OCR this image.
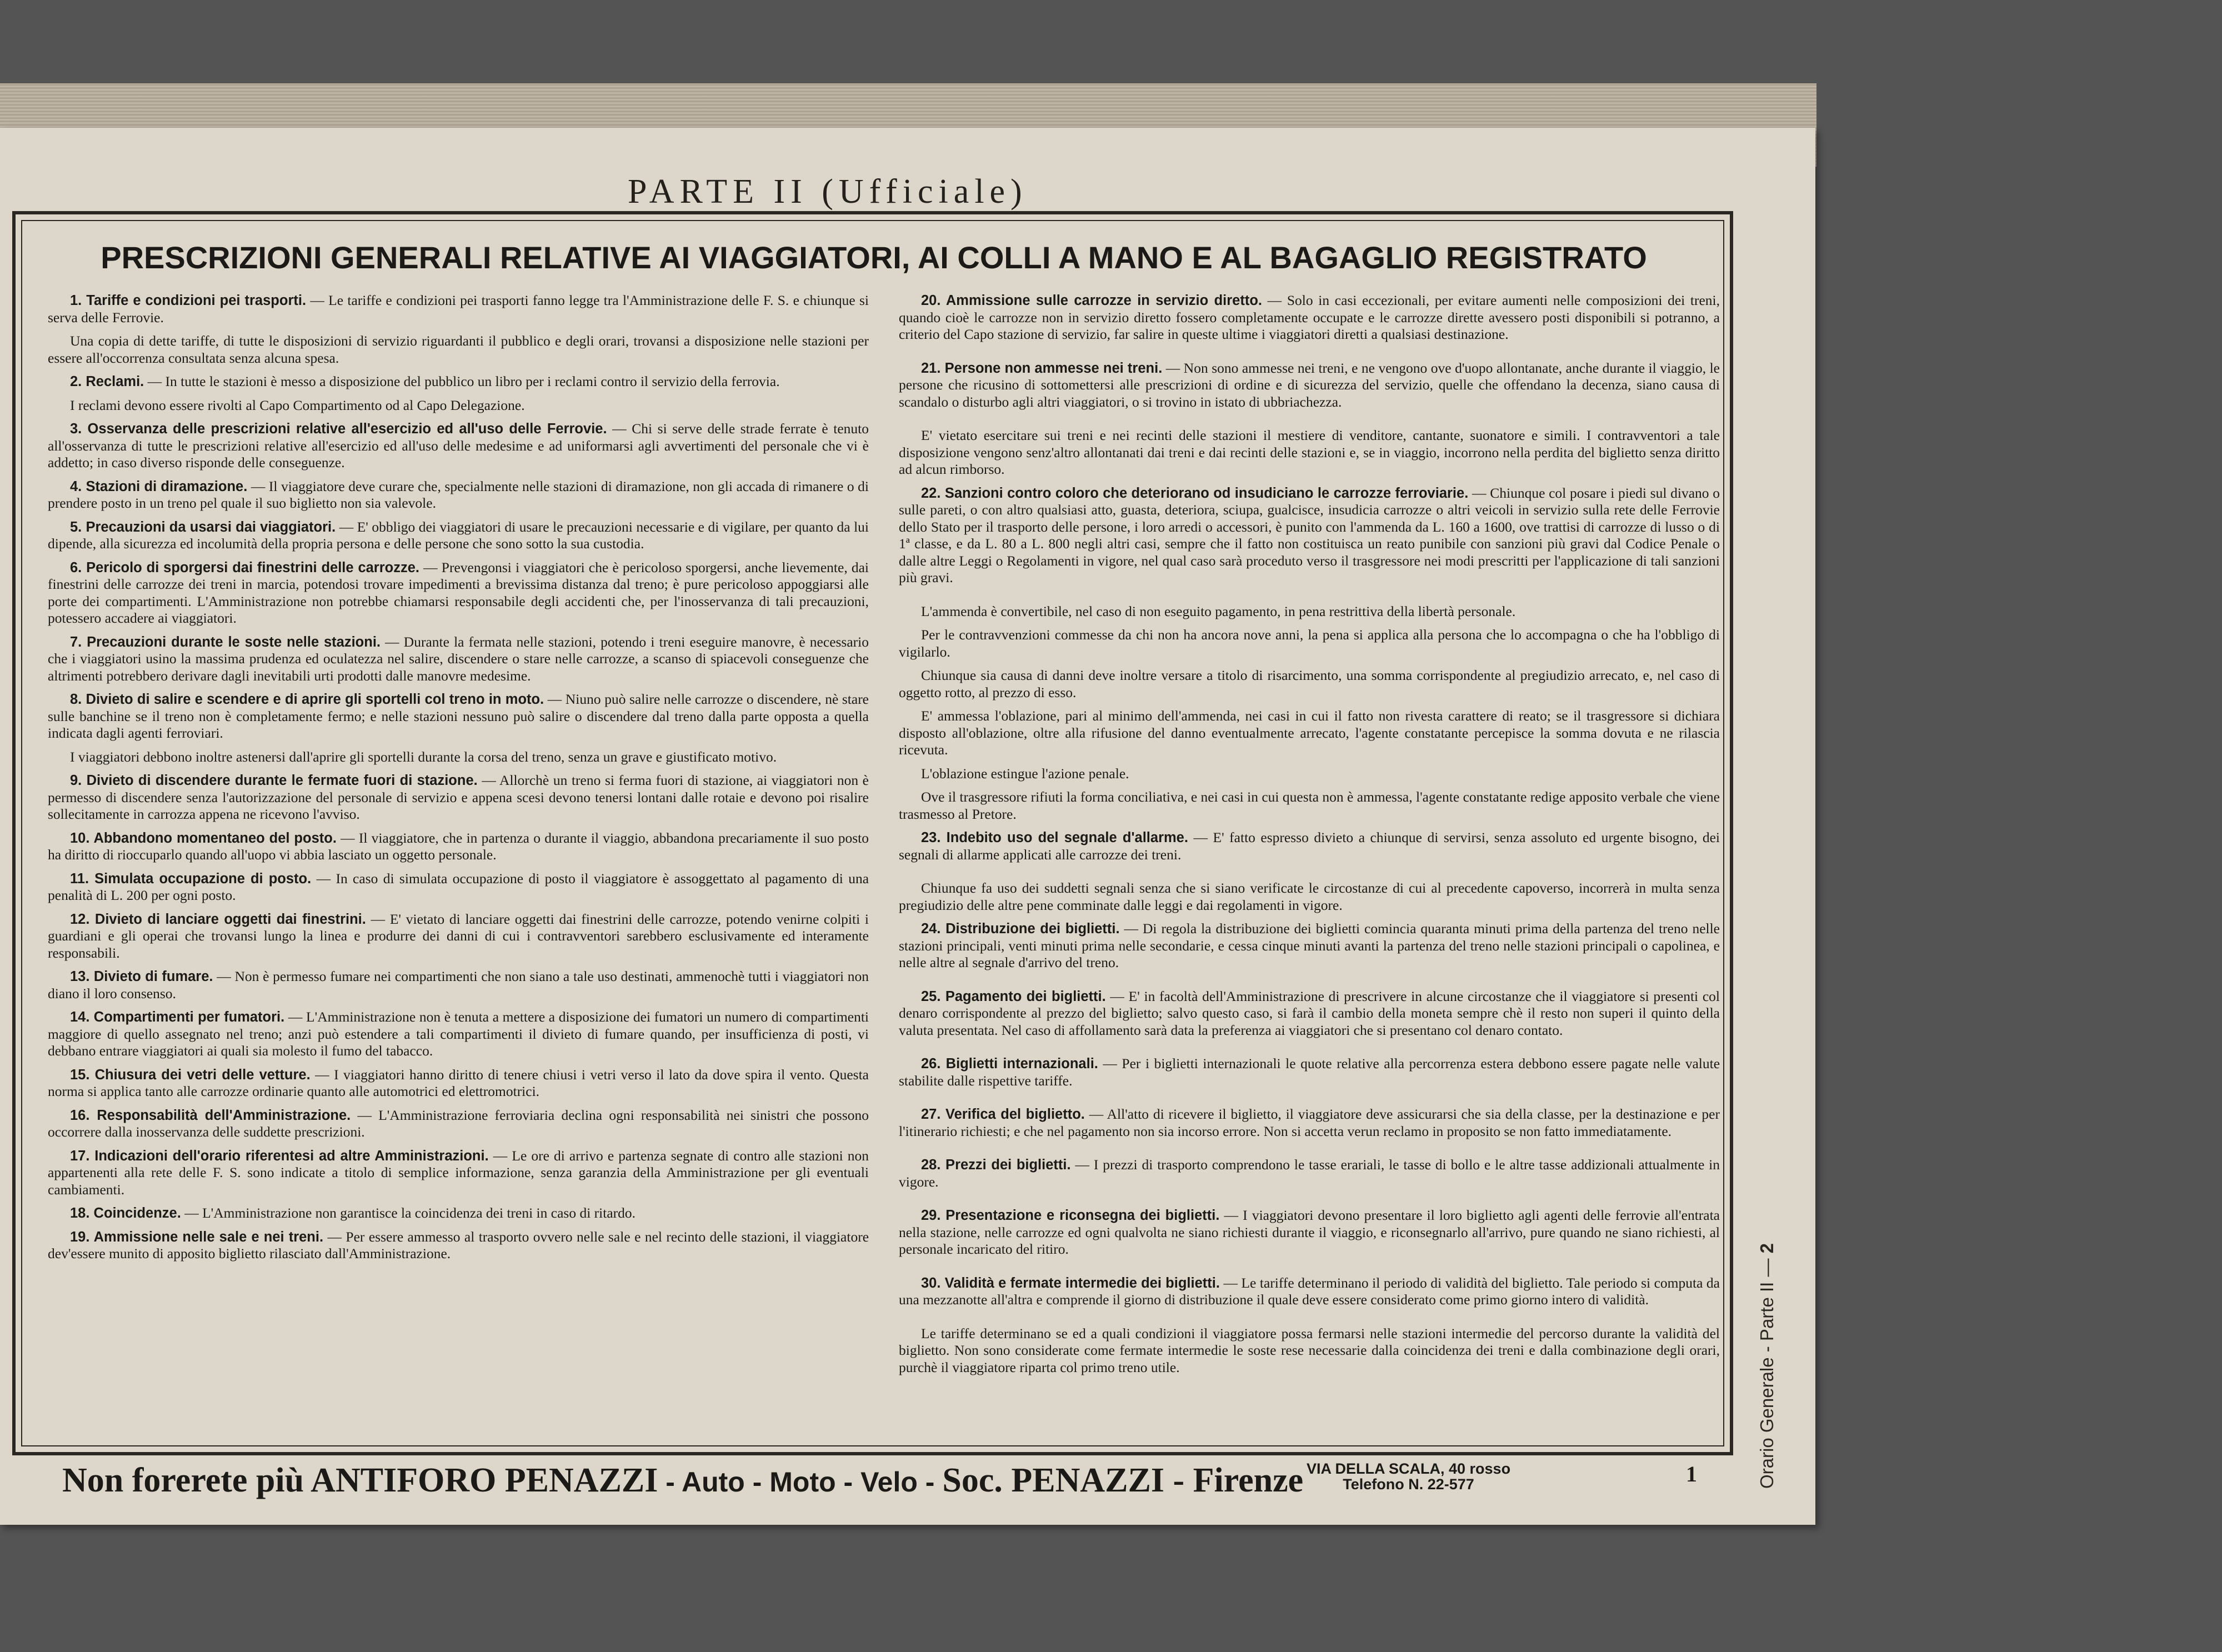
PARTE II (Ufficiale)
PRESCRIZIONI GENERALI RELATIVE AI VIAGGIATORI, AI COLLI A MANO E AL BAGAGLIO REGISTRATO

1. Tariffe e condizioni pei trasporti. — Le tariffe e condizioni pei trasporti fanno legge tra l'Amministrazione delle F. S. e chiunque si serva delle Ferrovie.

Una copia di dette tariffe, di tutte le disposizioni di servizio riguardanti il pubblico e degli orari, trovansi a disposizione nelle stazioni per essere all'occorrenza consultata senza alcuna spesa.

2. Reclami. — In tutte le stazioni è messo a disposizione del pubblico un libro per i reclami contro il servizio della ferrovia.

I reclami devono essere rivolti al Capo Compartimento od al Capo Delegazione.

3. Osservanza delle prescrizioni relative all'esercizio ed all'uso delle Ferrovie. — Chi si serve delle strade ferrate è tenuto all'osservanza di tutte le prescrizioni relative all'esercizio ed all'uso delle medesime e ad uniformarsi agli avvertimenti del personale che vi è addetto; in caso diverso risponde delle conseguenze.

4. Stazioni di diramazione. — Il viaggiatore deve curare che, specialmente nelle stazioni di diramazione, non gli accada di rimanere o di prendere posto in un treno pel quale il suo biglietto non sia valevole.

5. Precauzioni da usarsi dai viaggiatori. — E' obbligo dei viaggiatori di usare le precauzioni necessarie e di vigilare, per quanto da lui dipende, alla sicurezza ed incolumità della propria persona e delle persone che sono sotto la sua custodia.

6. Pericolo di sporgersi dai finestrini delle carrozze. — Prevengonsi i viaggiatori che è pericoloso sporgersi, anche lievemente, dai finestrini delle carrozze dei treni in marcia, potendosi trovare impedimenti a brevissima distanza dal treno; è pure pericoloso appoggiarsi alle porte dei compartimenti. L'Amministrazione non potrebbe chiamarsi responsabile degli accidenti che, per l'inosservanza di tali precauzioni, potessero accadere ai viaggiatori.

7. Precauzioni durante le soste nelle stazioni. — Durante la fermata nelle stazioni, potendo i treni eseguire manovre, è necessario che i viaggiatori usino la massima prudenza ed oculatezza nel salire, discendere o stare nelle carrozze, a scanso di spiacevoli conseguenze che altrimenti potrebbero derivare dagli inevitabili urti prodotti dalle manovre medesime.

8. Divieto di salire e scendere e di aprire gli sportelli col treno in moto. — Niuno può salire nelle carrozze o discendere, nè stare sulle banchine se il treno non è completamente fermo; e nelle stazioni nessuno può salire o discendere dal treno dalla parte opposta a quella indicata dagli agenti ferroviari.

I viaggiatori debbono inoltre astenersi dall'aprire gli sportelli durante la corsa del treno, senza un grave e giustificato motivo.

9. Divieto di discendere durante le fermate fuori di stazione. — Allorchè un treno si ferma fuori di stazione, ai viaggiatori non è permesso di discendere senza l'autorizzazione del personale di servizio e appena scesi devono tenersi lontani dalle rotaie e devono poi risalire sollecitamente in carrozza appena ne ricevono l'avviso.

10. Abbandono momentaneo del posto. — Il viaggiatore, che in partenza o durante il viaggio, abbandona precariamente il suo posto ha diritto di rioccuparlo quando all'uopo vi abbia lasciato un oggetto personale.

11. Simulata occupazione di posto. — In caso di simulata occupazione di posto il viaggiatore è assoggettato al pagamento di una penalità di L. 200 per ogni posto.

12. Divieto di lanciare oggetti dai finestrini. — E' vietato di lanciare oggetti dai finestrini delle carrozze, potendo venirne colpiti i guardiani e gli operai che trovansi lungo la linea e produrre dei danni di cui i contravventori sarebbero esclusivamente ed interamente responsabili.

13. Divieto di fumare. — Non è permesso fumare nei compartimenti che non siano a tale uso destinati, ammenochè tutti i viaggiatori non diano il loro consenso.

14. Compartimenti per fumatori. — L'Amministrazione non è tenuta a mettere a disposizione dei fumatori un numero di compartimenti maggiore di quello assegnato nel treno; anzi può estendere a tali compartimenti il divieto di fumare quando, per insufficienza di posti, vi debbano entrare viaggiatori ai quali sia molesto il fumo del tabacco.

15. Chiusura dei vetri delle vetture. — I viaggiatori hanno diritto di tenere chiusi i vetri verso il lato da dove spira il vento. Questa norma si applica tanto alle carrozze ordinarie quanto alle automotrici ed elettromotrici.

16. Responsabilità dell'Amministrazione. — L'Amministrazione ferroviaria declina ogni responsabilità nei sinistri che possono occorrere dalla inosservanza delle suddette prescrizioni.

17. Indicazioni dell'orario riferentesi ad altre Amministrazioni. — Le ore di arrivo e partenza segnate di contro alle stazioni non appartenenti alla rete delle F. S. sono indicate a titolo di semplice informazione, senza garanzia della Amministrazione per gli eventuali cambiamenti.

18. Coincidenze. — L'Amministrazione non garantisce la coincidenza dei treni in caso di ritardo.

19. Ammissione nelle sale e nei treni. — Per essere ammesso al trasporto ovvero nelle sale e nel recinto delle stazioni, il viaggiatore dev'essere munito di apposito biglietto rilasciato dall'Amministrazione.

20. Ammissione sulle carrozze in servizio diretto. — Solo in casi eccezionali, per evitare aumenti nelle composizioni dei treni, quando cioè le carrozze non in servizio diretto fossero completamente occupate e le carrozze dirette avessero posti disponibili si potranno, a criterio del Capo stazione di servizio, far salire in queste ultime i viaggiatori diretti a qualsiasi destinazione.

21. Persone non ammesse nei treni. — Non sono ammesse nei treni, e ne vengono ove d'uopo allontanate, anche durante il viaggio, le persone che ricusino di sottomettersi alle prescrizioni di ordine e di sicurezza del servizio, quelle che offendano la decenza, siano causa di scandalo o disturbo agli altri viaggiatori, o si trovino in istato di ubbriachezza.

E' vietato esercitare sui treni e nei recinti delle stazioni il mestiere di venditore, cantante, suonatore e simili. I contravventori a tale disposizione vengono senz'altro allontanati dai treni e dai recinti delle stazioni e, se in viaggio, incorrono nella perdita del biglietto senza diritto ad alcun rimborso.

22. Sanzioni contro coloro che deteriorano od insudiciano le carrozze ferroviarie. — Chiunque col posare i piedi sul divano o sulle pareti, o con altro qualsiasi atto, guasta, deteriora, sciupa, gualcisce, insudicia carrozze o altri veicoli in servizio sulla rete delle Ferrovie dello Stato per il trasporto delle persone, i loro arredi o accessori, è punito con l'ammenda da L. 160 a 1600, ove trattisi di carrozze di lusso o di 1ª classe, e da L. 80 a L. 800 negli altri casi, sempre che il fatto non costituisca un reato punibile con sanzioni più gravi dal Codice Penale o dalle altre Leggi o Regolamenti in vigore, nel qual caso sarà proceduto verso il trasgressore nei modi prescritti per l'applicazione di tali sanzioni più gravi.

L'ammenda è convertibile, nel caso di non eseguito pagamento, in pena restrittiva della libertà personale.

Per le contravvenzioni commesse da chi non ha ancora nove anni, la pena si applica alla persona che lo accompagna o che ha l'obbligo di vigilarlo.

Chiunque sia causa di danni deve inoltre versare a titolo di risarcimento, una somma corrispondente al pregiudizio arrecato, e, nel caso di oggetto rotto, al prezzo di esso.

E' ammessa l'oblazione, pari al minimo dell'ammenda, nei casi in cui il fatto non rivesta carattere di reato; se il trasgressore si dichiara disposto all'oblazione, oltre alla rifusione del danno eventualmente arrecato, l'agente constatante percepisce la somma dovuta e ne rilascia ricevuta.

L'oblazione estingue l'azione penale.

Ove il trasgressore rifiuti la forma conciliativa, e nei casi in cui questa non è ammessa, l'agente constatante redige apposito verbale che viene trasmesso al Pretore.

23. Indebito uso del segnale d'allarme. — E' fatto espresso divieto a chiunque di servirsi, senza assoluto ed urgente bisogno, dei segnali di allarme applicati alle carrozze dei treni.

Chiunque fa uso dei suddetti segnali senza che si siano verificate le circostanze di cui al precedente capoverso, incorrerà in multa senza pregiudizio delle altre pene comminate dalle leggi e dai regolamenti in vigore.

24. Distribuzione dei biglietti. — Di regola la distribuzione dei biglietti comincia quaranta minuti prima della partenza del treno nelle stazioni principali, venti minuti prima nelle secondarie, e cessa cinque minuti avanti la partenza del treno nelle stazioni principali o capolinea, e nelle altre al segnale d'arrivo del treno.

25. Pagamento dei biglietti. — E' in facoltà dell'Amministrazione di prescrivere in alcune circostanze che il viaggiatore si presenti col denaro corrispondente al prezzo del biglietto; salvo questo caso, si farà il cambio della moneta sempre chè il resto non superi il quinto della valuta presentata. Nel caso di affollamento sarà data la preferenza ai viaggiatori che si presentano col denaro contato.

26. Biglietti internazionali. — Per i biglietti internazionali le quote relative alla percorrenza estera debbono essere pagate nelle valute stabilite dalle rispettive tariffe.

27. Verifica del biglietto. — All'atto di ricevere il biglietto, il viaggiatore deve assicurarsi che sia della classe, per la destinazione e per l'itinerario richiesti; e che nel pagamento non sia incorso errore. Non si accetta verun reclamo in proposito se non fatto immediatamente.

28. Prezzi dei biglietti. — I prezzi di trasporto comprendono le tasse erariali, le tasse di bollo e le altre tasse addizionali attualmente in vigore.

29. Presentazione e riconsegna dei biglietti. — I viaggiatori devono presentare il loro biglietto agli agenti delle ferrovie all'entrata nella stazione, nelle carrozze ed ogni qualvolta ne siano richiesti durante il viaggio, e riconsegnarlo all'arrivo, pure quando ne siano richiesti, al personale incaricato del ritiro.

30. Validità e fermate intermedie dei biglietti. — Le tariffe determinano il periodo di validità del biglietto. Tale periodo si computa da una mezzanotte all'altra e comprende il giorno di distribuzione il quale deve essere considerato come primo giorno intero di validità.

Le tariffe determinano se ed a quali condizioni il viaggiatore possa fermarsi nelle stazioni intermedie del percorso durante la validità del biglietto. Non sono considerate come fermate intermedie le soste rese necessarie dalla coincidenza dei treni e dalla combinazione degli orari, purchè il viaggiatore riparta col primo treno utile.	Orario Generale - Parte II — 2
Non forerete più ANTIFORO PENAZZI - Auto - Moto - Velo - Soc. PENAZZI - Firenze VIA DELLA SCALA, 40 rosso
Telefono N. 22-577	1
